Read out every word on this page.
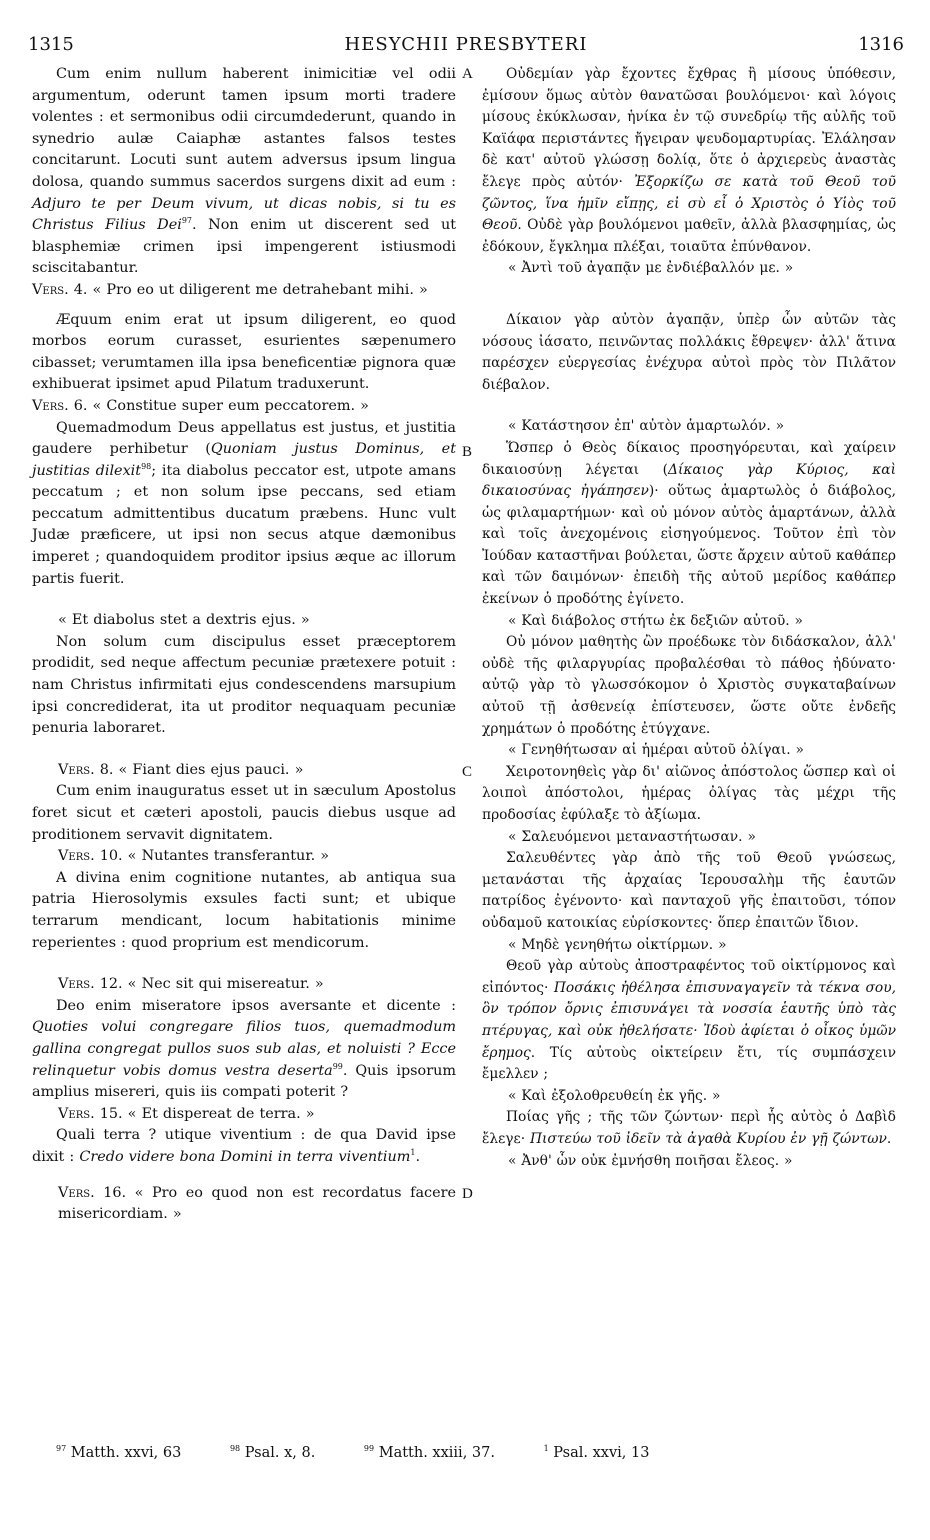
1315	HESYCHII PRESBYTERI	1316
A
B
C
D

Cum enim nullum haberent inimicitiæ vel odii argumentum, oderunt tamen ipsum morti tradere volentes : et sermonibus odii circumdederunt, quando in synedrio aulæ Caiaphæ astantes falsos testes concitarunt. Locuti sunt autem adversus ipsum lingua dolosa, quando summus sacerdos surgens dixit ad eum : Adjuro te per Deum vivum, ut dicas nobis, si tu es Christus Filius Dei$^{97}$. Non enim ut discerent sed ut blasphemiæ crimen ipsi impengerent istiusmodi sciscitabantur.

Vers. 4. « Pro eo ut diligerent me detrahebant mihi. »

Æquum enim erat ut ipsum diligerent, eo quod morbos eorum curasset, esurientes sæpenumero cibasset; verumtamen illa ipsa beneficentiæ pignora quæ exhibuerat ipsimet apud Pilatum traduxerunt.

Vers. 6. « Constitue super eum peccatorem. »

Quemadmodum Deus appellatus est justus, et justitia gaudere perhibetur (Quoniam justus Dominus, et justitias dilexit$^{98}$; ita diabolus peccator est, utpote amans peccatum ; et non solum ipse peccans, sed etiam peccatum admittentibus ducatum præbens. Hunc vult Judæ præficere, ut ipsi non secus atque dæmonibus imperet ; quandoquidem proditor ipsius æque ac illorum partis fuerit.

« Et diabolus stet a dextris ejus. »

Non solum cum discipulus esset præceptorem prodidit, sed neque affectum pecuniæ prætexere potuit : nam Christus infirmitati ejus condescendens marsupium ipsi concrediderat, ita ut proditor nequaquam pecuniæ penuria laboraret.

Vers. 8. « Fiant dies ejus pauci. »

Cum enim inauguratus esset ut in sæculum Apostolus foret sicut et cæteri apostoli, paucis diebus usque ad proditionem servavit dignitatem.

Vers. 10. « Nutantes transferantur. »

A divina enim cognitione nutantes, ab antiqua sua patria Hierosolymis exsules facti sunt; et ubique terrarum mendicant, locum habitationis minime reperientes : quod proprium est mendicorum.

Vers. 12. « Nec sit qui misereatur. »

Deo enim miseratore ipsos aversante et dicente : Quoties volui congregare filios tuos, quemadmodum gallina congregat pullos suos sub alas, et noluisti ? Ecce relinquetur vobis domus vestra deserta$^{99}$. Quis ipsorum amplius misereri, quis iis compati poterit ?

Vers. 15. « Et dispereat de terra. »

Quali terra ? utique viventium : de qua David ipse dixit : Credo videre bona Domini in terra viventium$^1$.

Vers. 16. « Pro eo quod non est recordatus facere misericordiam. »

Οὐδεμίαν γὰρ ἔχοντες ἔχθρας ἢ μίσους ὑπόθεσιν, ἐμίσουν ὅμως αὐτὸν θανατῶσαι βουλόμενοι· καὶ λόγοις μίσους ἐκύκλωσαν, ἡνίκα ἐν τῷ συνεδρίῳ τῆς αὐλῆς τοῦ Καϊάφα περιστάντες ἤγειραν ψευδομαρτυρίας. Ἐλάλησαν δὲ κατ' αὐτοῦ γλώσσῃ δολίᾳ, ὅτε ὁ ἀρχιερεὺς ἀναστὰς ἔλεγε πρὸς αὐτόν· Ἐξορκίζω σε κατὰ τοῦ Θεοῦ τοῦ ζῶντος, ἵνα ἡμῖν εἴπῃς, εἰ σὺ εἶ ὁ Χριστὸς ὁ Υἱὸς τοῦ Θεοῦ. Οὐδὲ γὰρ βουλόμενοι μαθεῖν, ἀλλὰ βλασφημίας, ὡς ἐδόκουν, ἔγκλημα πλέξαι, τοιαῦτα ἐπύνθανον.

« Ἀντὶ τοῦ ἀγαπᾷν με ἐνδιέβαλλόν με. »

Δίκαιον γὰρ αὐτὸν ἀγαπᾷν, ὑπὲρ ὧν αὐτῶν τὰς νόσους ἰάσατο, πεινῶντας πολλάκις ἔθρεψεν· ἀλλ' ἅτινα παρέσχεν εὐεργεσίας ἐνέχυρα αὐτοὶ πρὸς τὸν Πιλᾶτον διέβαλον.

« Κατάστησον ἐπ' αὐτὸν ἁμαρτωλόν. »

Ὥσπερ ὁ Θεὸς δίκαιος προσηγόρευται, καὶ χαίρειν δικαιοσύνῃ λέγεται (Δίκαιος γὰρ Κύριος, καὶ δικαιοσύνας ἠγάπησεν)· οὕτως ἁμαρτωλὸς ὁ διάβολος, ὡς φιλαμαρτήμων· καὶ οὐ μόνον αὐτὸς ἁμαρτάνων, ἀλλὰ καὶ τοῖς ἀνεχομένοις εἰσηγούμενος. Τοῦτον ἐπὶ τὸν Ἰούδαν καταστῆναι βούλεται, ὥστε ἄρχειν αὐτοῦ καθάπερ καὶ τῶν δαιμόνων· ἐπειδὴ τῆς αὐτοῦ μερίδος καθάπερ ἐκείνων ὁ προδότης ἐγίνετο.

« Καὶ διάβολος στήτω ἐκ δεξιῶν αὐτοῦ. »

Οὐ μόνον μαθητὴς ὢν προέδωκε τὸν διδάσκαλον, ἀλλ' οὐδὲ τῆς φιλαργυρίας προβαλέσθαι τὸ πάθος ἠδύνατο· αὐτῷ γὰρ τὸ γλωσσόκομον ὁ Χριστὸς συγκαταβαίνων αὐτοῦ τῇ ἀσθενείᾳ ἐπίστευσεν, ὥστε οὔτε ἐνδεῆς χρημάτων ὁ προδότης ἐτύγχανε.

« Γενηθήτωσαν αἱ ἡμέραι αὐτοῦ ὀλίγαι. »

Χειροτονηθεὶς γὰρ δι' αἰῶνος ἀπόστολος ὥσπερ καὶ οἱ λοιποὶ ἀπόστολοι, ἡμέρας ὀλίγας τὰς μέχρι τῆς προδοσίας ἐφύλαξε τὸ ἀξίωμα.

« Σαλευόμενοι μεταναστήτωσαν. »

Σαλευθέντες γὰρ ἀπὸ τῆς τοῦ Θεοῦ γνώσεως, μετανάσται τῆς ἀρχαίας Ἱερουσαλὴμ τῆς ἑαυτῶν πατρίδος ἐγένοντο· καὶ πανταχοῦ γῆς ἐπαιτοῦσι, τόπον οὐδαμοῦ κατοικίας εὑρίσκοντες· ὅπερ ἐπαιτῶν ἴδιον.

« Μηδὲ γενηθήτω οἰκτίρμων. »

Θεοῦ γὰρ αὐτοὺς ἀποστραφέντος τοῦ οἰκτίρμονος καὶ εἰπόντος· Ποσάκις ἠθέλησα ἐπισυναγαγεῖν τὰ τέκνα σου, ὃν τρόπον ὄρνις ἐπισυνάγει τὰ νοσσία ἑαυτῆς ὑπὸ τὰς πτέρυγας, καὶ οὐκ ἠθελήσατε· Ἰδοὺ ἀφίεται ὁ οἶκος ὑμῶν ἔρημος. Τίς αὐτοὺς οἰκτείρειν ἔτι, τίς συμπάσχειν ἔμελλεν ;

« Καὶ ἐξολοθρευθείη ἐκ γῆς. »

Ποίας γῆς ; τῆς τῶν ζώντων· περὶ ἧς αὐτὸς ὁ Δαβὶδ ἔλεγε· Πιστεύω τοῦ ἰδεῖν τὰ ἀγαθὰ Κυρίου ἐν γῇ ζώντων.

« Ἀνθ' ὧν οὐκ ἐμνήσθη ποιῆσαι ἔλεος. »

$^{97}$ Matth. xxvi, 63	$^{98}$ Psal. x, 8.	$^{99}$ Matth. xxiii, 37.	$^1$ Psal. xxvi, 13
